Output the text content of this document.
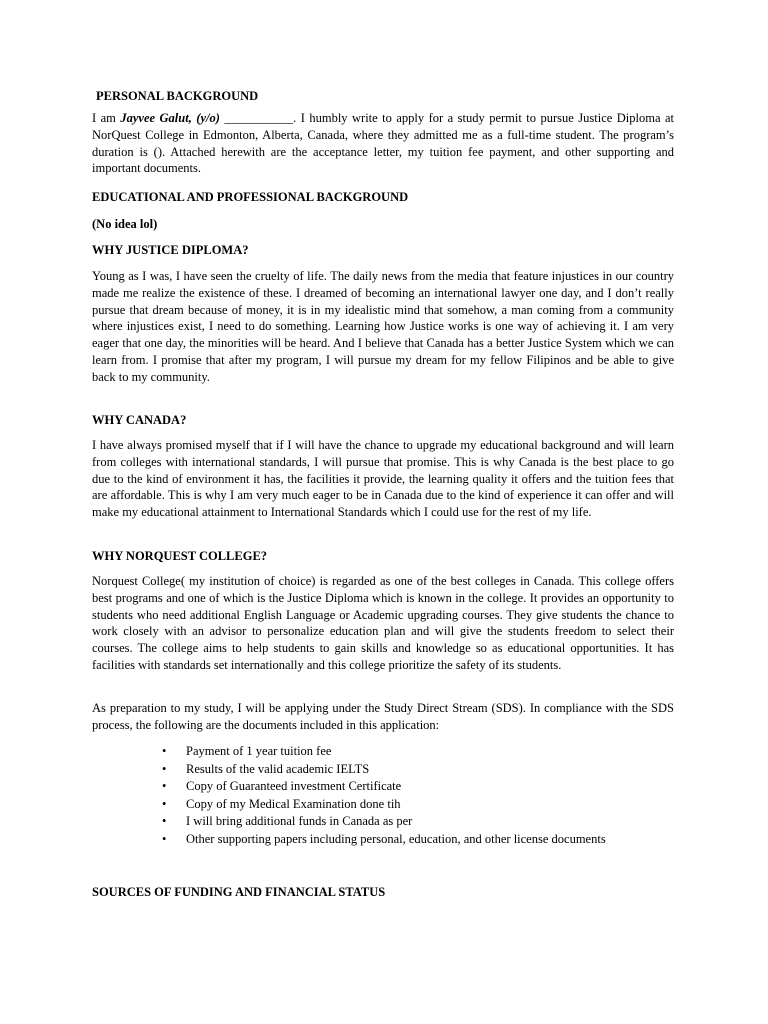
PERSONAL BACKGROUND

I am Jayvee Galut, (y/o) ___________. I humbly write to apply for a study permit to pursue Justice Diploma at NorQuest College in Edmonton, Alberta, Canada, where they admitted me as a full-time student. The program’s duration is (). Attached herewith are the acceptance letter, my tuition fee payment, and other supporting and important documents.

EDUCATIONAL AND PROFESSIONAL BACKGROUND

(No idea lol)

WHY JUSTICE DIPLOMA?

Young as I was, I have seen the cruelty of life. The daily news from the media that feature injustices in our country made me realize the existence of these. I dreamed of becoming an international lawyer one day, and I don’t really pursue that dream because of money, it is in my idealistic mind that somehow, a man coming from a community where injustices exist, I need to do something. Learning how Justice works is one way of achieving it. I am very eager that one day, the minorities will be heard. And I believe that Canada has a better Justice System which we can learn from. I promise that after my program, I will pursue my dream for my fellow Filipinos and be able to give back to my community.

WHY CANADA?

I have always promised myself that if I will have the chance to upgrade my educational background and will learn from colleges with international standards, I will pursue that promise. This is why Canada is the best place to go due to the kind of environment it has, the facilities it provide, the learning quality it offers and the tuition fees that are affordable. This is why I am very much eager to be in Canada due to the kind of experience it can offer and will make my educational attainment to International Standards which I could use for the rest of my life.

WHY NORQUEST COLLEGE?

Norquest College( my institution of choice) is regarded as one of the best colleges in Canada. This college offers best programs and one of which is the Justice Diploma which is known in the college. It provides an opportunity to students who need additional English Language or Academic upgrading courses. They give students the chance to work closely with an advisor to personalize education plan and will give the students freedom to select their courses. The college aims to help students to gain skills and knowledge so as educational opportunities. It has facilities with standards set internationally and this college prioritize the safety of its students.

As preparation to my study, I will be applying under the Study Direct Stream (SDS). In compliance with the SDS process, the following are the documents included in this application:

• Payment of 1 year tuition fee
• Results of the valid academic IELTS
• Copy of Guaranteed investment Certificate
• Copy of my Medical Examination done tih
• I will bring additional funds in Canada as per
• Other supporting papers including personal, education, and other license documents

SOURCES OF FUNDING AND FINANCIAL STATUS
